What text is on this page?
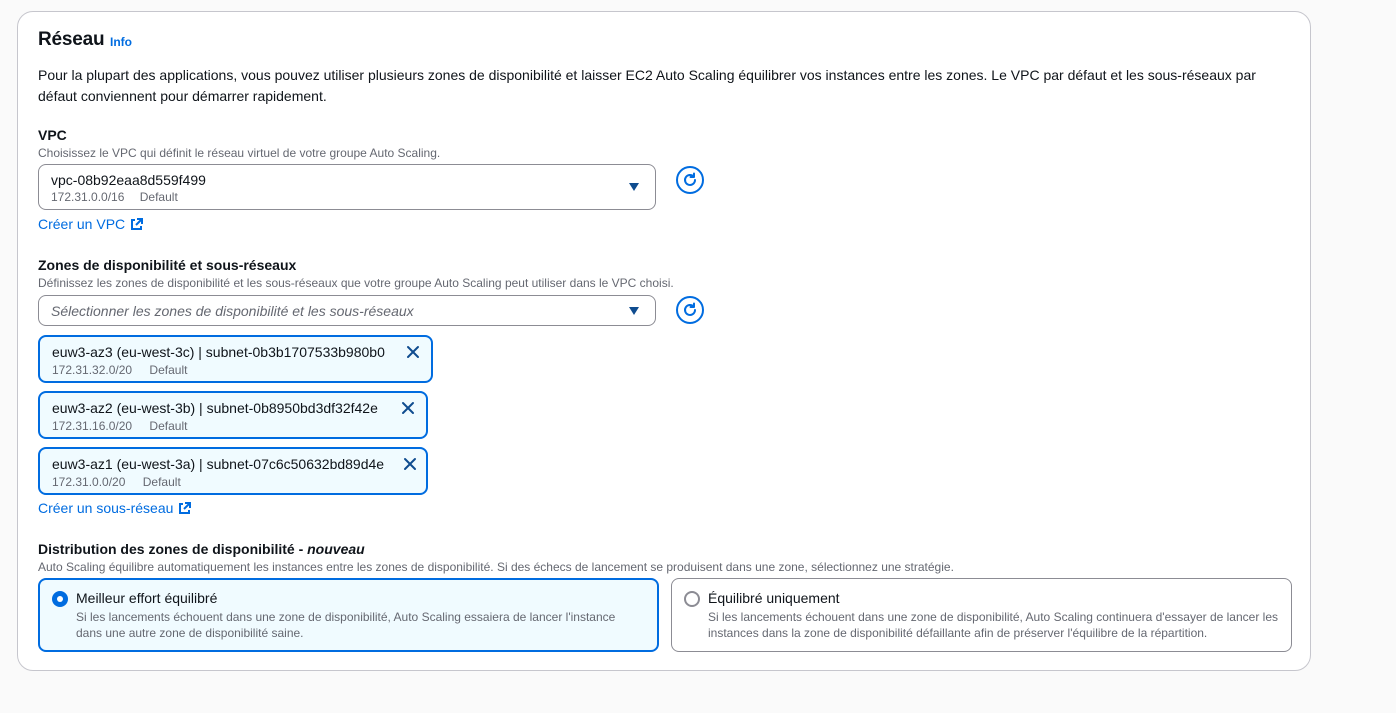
Réseau Info
Pour la plupart des applications, vous pouvez utiliser plusieurs zones de disponibilité et laisser EC2 Auto Scaling équilibrer vos instances entre les zones. Le VPC par défaut et les sous-réseaux par défaut conviennent pour démarrer rapidement.
VPC
Choisissez le VPC qui définit le réseau virtuel de votre groupe Auto Scaling.
vpc-08b92eaa8d559f499
172.31.0.0/16 Default
Créer un VPC
Zones de disponibilité et sous-réseaux
Définissez les zones de disponibilité et les sous-réseaux que votre groupe Auto Scaling peut utiliser dans le VPC choisi.
Sélectionner les zones de disponibilité et les sous-réseaux
euw3-az3 (eu-west-3c) | subnet-0b3b1707533b980b0
172.31.32.0/20 Default
euw3-az2 (eu-west-3b) | subnet-0b8950bd3df32f42e
172.31.16.0/20 Default
euw3-az1 (eu-west-3a) | subnet-07c6c50632bd89d4e
172.31.0.0/20 Default
Créer un sous-réseau
Distribution des zones de disponibilité - nouveau
Auto Scaling équilibre automatiquement les instances entre les zones de disponibilité. Si des échecs de lancement se produisent dans une zone, sélectionnez une stratégie.
Meilleur effort équilibré
Si les lancements échouent dans une zone de disponibilité, Auto Scaling essaiera de lancer l'instance dans une autre zone de disponibilité saine.
Équilibré uniquement
Si les lancements échouent dans une zone de disponibilité, Auto Scaling continuera d'essayer de lancer les instances dans la zone de disponibilité défaillante afin de préserver l'équilibre de la répartition.
